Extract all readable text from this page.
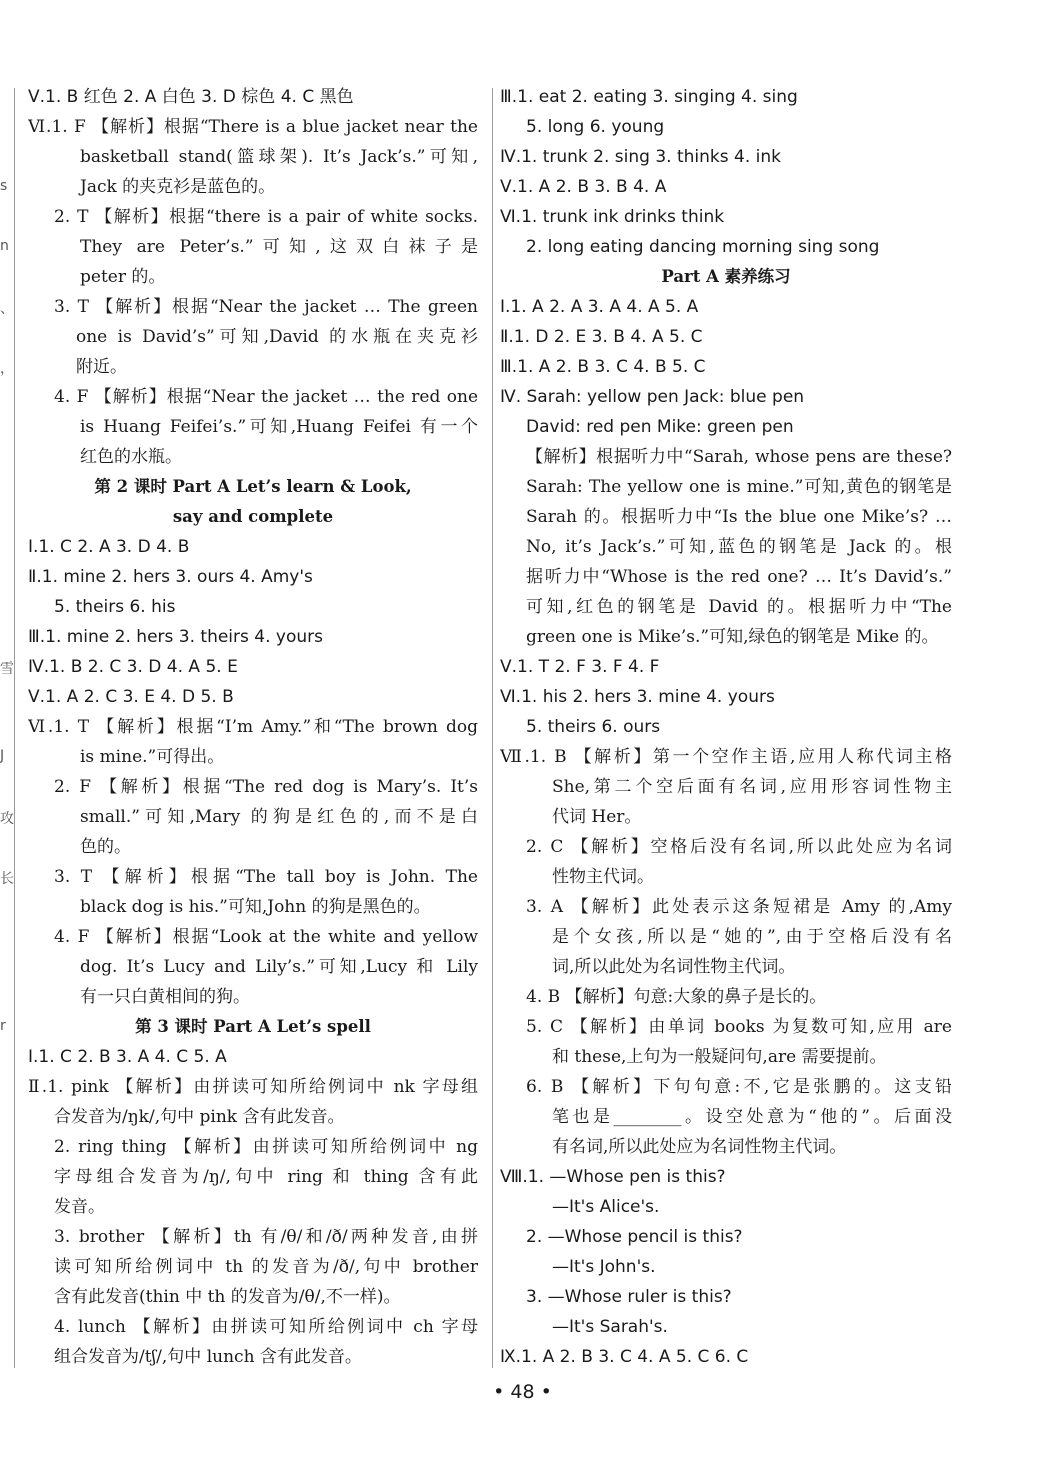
s
n
、
，
雪
J
攻
长
r
Ⅴ.1. B 红色 2. A 白色 3. D 棕色 4. C 黑色
Ⅵ.1. F 【解析】根据“There is a blue jacket near the
basketball stand(篮球架). It’s Jack’s.”可知,
Jack 的夹克衫是蓝色的。
2. T 【解析】根据“there is a pair of white socks.
They are Peter’s.”可知,这双白袜子是
peter 的。
3. T 【解析】根据“Near the jacket … The green
one is David’s”可知,David 的水瓶在夹克衫
附近。
4. F 【解析】根据“Near the jacket … the red one
is Huang Feifei’s.”可知,Huang Feifei 有一个
红色的水瓶。
第 2 课时 Part A Let’s learn & Look,
say and complete
Ⅰ.1. C 2. A 3. D 4. B
Ⅱ.1. mine 2. hers 3. ours 4. Amy's
5. theirs 6. his
Ⅲ.1. mine 2. hers 3. theirs 4. yours
Ⅳ.1. B 2. C 3. D 4. A 5. E
Ⅴ.1. A 2. C 3. E 4. D 5. B
Ⅵ.1. T 【解析】根据“I’m Amy.”和“The brown dog
is mine.”可得出。
2. F 【解析】根据“The red dog is Mary’s. It’s
small.”可知,Mary 的狗是红色的,而不是白
色的。
3. T 【解析】根据“The tall boy is John. The
black dog is his.”可知,John 的狗是黑色的。
4. F 【解析】根据“Look at the white and yellow
dog. It’s Lucy and Lily’s.”可知,Lucy 和 Lily
有一只白黄相间的狗。
第 3 课时 Part A Let’s spell
Ⅰ.1. C 2. B 3. A 4. C 5. A
Ⅱ.1. pink 【解析】由拼读可知所给例词中 nk 字母组
合发音为/ŋk/,句中 pink 含有此发音。
2. ring thing 【解析】由拼读可知所给例词中 ng
字母组合发音为/ŋ/,句中 ring 和 thing 含有此
发音。
3. brother 【解析】th 有/θ/和/ð/两种发音,由拼
读可知所给例词中 th 的发音为/ð/,句中 brother
含有此发音(thin 中 th 的发音为/θ/,不一样)。
4. lunch 【解析】由拼读可知所给例词中 ch 字母
组合发音为/tʃ/,句中 lunch 含有此发音。
Ⅲ.1. eat 2. eating 3. singing 4. sing
5. long 6. young
Ⅳ.1. trunk 2. sing 3. thinks 4. ink
Ⅴ.1. A 2. B 3. B 4. A
Ⅵ.1. trunk ink drinks think
2. long eating dancing morning sing song
Part A 素养练习
Ⅰ.1. A 2. A 3. A 4. A 5. A
Ⅱ.1. D 2. E 3. B 4. A 5. C
Ⅲ.1. A 2. B 3. C 4. B 5. C
Ⅳ. Sarah: yellow pen Jack: blue pen
David: red pen Mike: green pen
【解析】根据听力中“Sarah, whose pens are these?
Sarah: The yellow one is mine.”可知,黄色的钢笔是
Sarah 的。根据听力中“Is the blue one Mike’s? …
No, it’s Jack’s.”可知,蓝色的钢笔是 Jack 的。根
据听力中“Whose is the red one? … It’s David’s.”
可知,红色的钢笔是 David 的。根据听力中“The
green one is Mike’s.”可知,绿色的钢笔是 Mike 的。
Ⅴ.1. T 2. F 3. F 4. F
Ⅵ.1. his 2. hers 3. mine 4. yours
5. theirs 6. ours
Ⅶ.1. B 【解析】第一个空作主语,应用人称代词主格
She,第二个空后面有名词,应用形容词性物主
代词 Her。
2. C 【解析】空格后没有名词,所以此处应为名词
性物主代词。
3. A 【解析】此处表示这条短裙是 Amy 的,Amy
是个女孩,所以是“她的”,由于空格后没有名
词,所以此处为名词性物主代词。
4. B 【解析】句意:大象的鼻子是长的。
5. C 【解析】由单词 books 为复数可知,应用 are
和 these,上句为一般疑问句,are 需要提前。
6. B 【解析】下句句意:不,它是张鹏的。这支铅
笔也是________。设空处意为“他的”。后面没
有名词,所以此处应为名词性物主代词。
Ⅷ.1. —Whose pen is this?
—It's Alice's.
2. —Whose pencil is this?
—It's John's.
3. —Whose ruler is this?
—It's Sarah's.
Ⅸ.1. A 2. B 3. C 4. A 5. C 6. C
• 48 •
